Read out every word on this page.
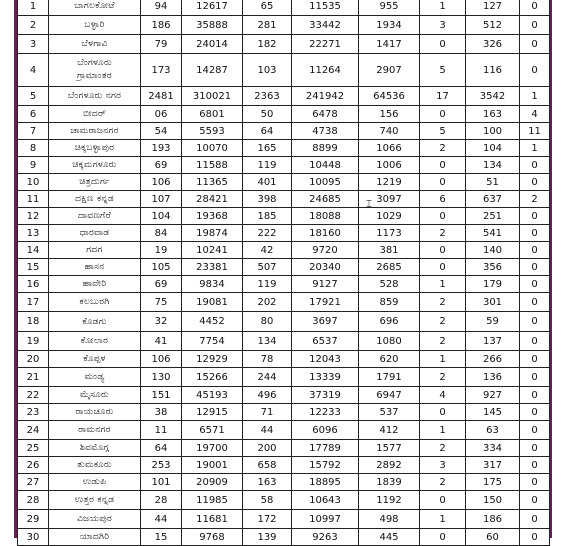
1	ಬಾಗಲಕೋಟೆ	94	12617	65	11535	955	1	127	0
2	ಬಳ್ಳಾರಿ	186	35888	281	33442	1934	3	512	0
3	ಬೆಳಗಾವಿ	79	24014	182	22271	1417	0	326	0
4	ಬೆಂಗಳೂರು
ಗ್ರಾಮಾಂತರ	173	14287	103	11264	2907	5	116	0
5	ಬೆಂಗಳೂರು ನಗರ	2481	310021	2363	241942	64536	17	3542	1
6	ಬೀದರ್	06	6801	50	6478	156	0	163	4
7	ಚಾಮರಾಜನಗರ	54	5593	64	4738	740	5	100	11
8	ಚಿಕ್ಕಬಳ್ಳಾಪುರ	193	10070	165	8899	1066	2	104	1
9	ಚಿಕ್ಕಮಗಳೂರು	69	11588	119	10448	1006	0	134	0
10	ಚಿತ್ರದುರ್ಗ	106	11365	401	10095	1219	0	51	0
11	ದಕ್ಷಿಣ ಕನ್ನಡ	107	28421	398	24685	3097	6	637	2
12	ದಾವಣಗೆರೆ	104	19368	185	18088	1029	0	251	0
13	ಧಾರವಾಡ	84	19874	222	18160	1173	2	541	0
14	ಗದಗ	19	10241	42	9720	381	0	140	0
15	ಹಾಸನ	105	23381	507	20340	2685	0	356	0
16	ಹಾವೇರಿ	69	9834	119	9127	528	1	179	0
17	ಕಲಬುರಗಿ	75	19081	202	17921	859	2	301	0
18	ಕೊಡಗು	32	4452	80	3697	696	2	59	0
19	ಕೋಲಾರ	41	7754	134	6537	1080	2	137	0
20	ಕೊಪ್ಪಳ	106	12929	78	12043	620	1	266	0
21	ಮಂಡ್ಯ	130	15266	244	13339	1791	2	136	0
22	ಮೈಸೂರು	151	45193	496	37319	6947	4	927	0
23	ರಾಯಚೂರು	38	12915	71	12233	537	0	145	0
24	ರಾಮನಗರ	11	6571	44	6096	412	1	63	0
25	ಶಿವಮೊಗ್ಗ	64	19700	200	17789	1577	2	334	0
26	ತುಮಕೂರು	253	19001	658	15792	2892	3	317	0
27	ಉಡುಪಿ	101	20909	163	18895	1839	2	175	0
28	ಉತ್ತರ ಕನ್ನಡ	28	11985	58	10643	1192	0	150	0
29	ವಿಜಯಪುರ	44	11681	172	10997	498	1	186	0
30	ಯಾದಗಿರಿ	15	9768	139	9263	445	0	60	0
⌶
